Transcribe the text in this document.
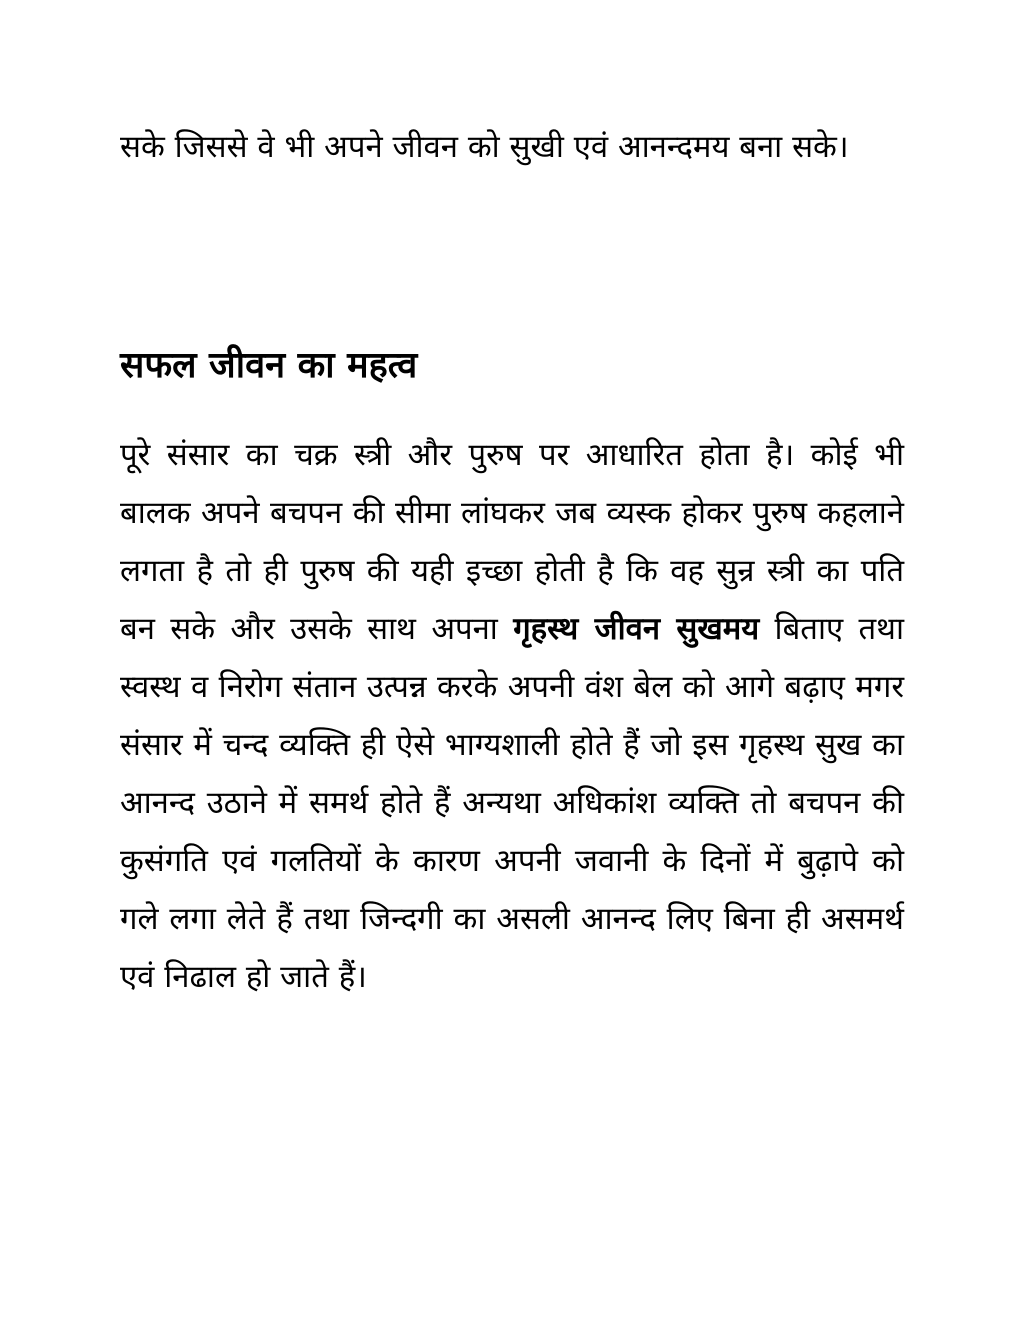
सके जिससे वे भी अपने जीवन को सुखी एवं आनन्दमय बना सके।

सफल जीवन का महत्व

पूरे संसार का चक्र स्त्री और पुरुष पर आधारित होता है। कोई भी बालक अपने बचपन की सीमा लांघकर जब व्यस्क होकर पुरुष कहलाने लगता है तो ही पुरुष की यही इच्छा होती है कि वह सुन्र स्त्री का पति बन सके और उसके साथ अपना गृहस्थ जीवन सुखमय बिताए तथा स्वस्थ व निरोग संतान उत्पन्न करके अपनी वंश बेल को आगे बढ़ाए मगर संसार में चन्द व्यक्ति ही ऐसे भाग्यशाली होते हैं जो इस गृहस्थ सुख का आनन्द उठाने में समर्थ होते हैं अन्यथा अधिकांश व्यक्ति तो बचपन की कुसंगति एवं गलतियों के कारण अपनी जवानी के दिनों में बुढ़ापे को गले लगा लेते हैं तथा जिन्दगी का असली आनन्द लिए बिना ही असमर्थ एवं निढाल हो जाते हैं।
